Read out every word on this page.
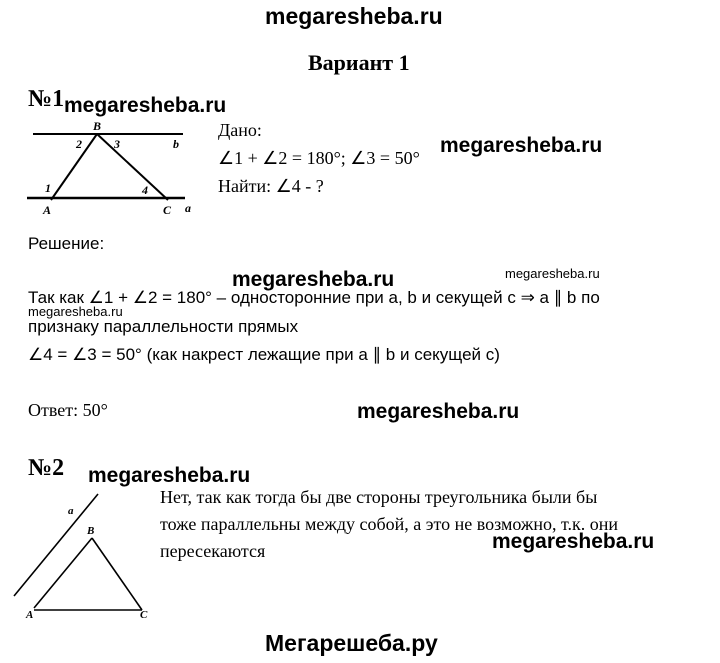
megaresheba.ru
Вариант 1
№1 megaresheba.ru
B
2	3	b
1	4
A	C a
Дано:
∠1 + ∠2 = 180°; ∠3 = 50°
megaresheba.ru
Найти: ∠4 - ?
Решение:
megaresheba.ru	megaresheba.ru
Так как ∠1 + ∠2 = 180° – односторонние при a, b и секущей c ⇒ a ∥ b по
megaresheba.ru
признаку параллельности прямых
∠4 = ∠3 = 50° (как накрест лежащие при a ∥ b и секущей c)
Ответ: 50°	megaresheba.ru
№2 megaresheba.ru
a
B
A	C
Нет, так как тогда бы две стороны треугольника были бы
тоже параллельны между собой, а это не возможно, т.к. они
пересекаются	megaresheba.ru
Мегарешеба.ру
